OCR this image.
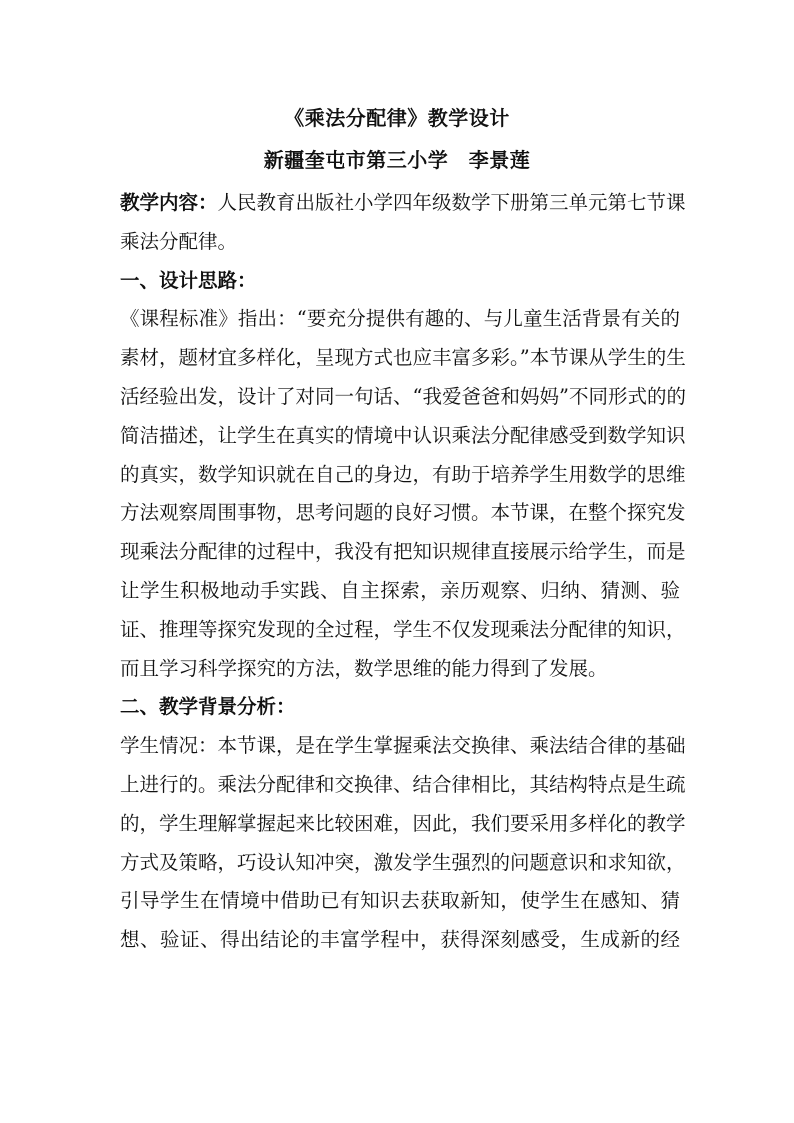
《乘法分配律》教学设计
新疆奎屯市第三小学　李景莲
教学内容：人民教育出版社小学四年级数学下册第三单元第七节课
乘法分配律。
一、设计思路：
《课程标准》指出：“要充分提供有趣的、与儿童生活背景有关的
素材，题材宜多样化，呈现方式也应丰富多彩。”本节课从学生的生
活经验出发，设计了对同一句话、“我爱爸爸和妈妈”不同形式的的
简洁描述，让学生在真实的情境中认识乘法分配律感受到数学知识
的真实，数学知识就在自己的身边，有助于培养学生用数学的思维
方法观察周围事物，思考问题的良好习惯。本节课，在整个探究发
现乘法分配律的过程中，我没有把知识规律直接展示给学生，而是
让学生积极地动手实践、自主探索，亲历观察、归纳、猜测、验
证、推理等探究发现的全过程，学生不仅发现乘法分配律的知识，
而且学习科学探究的方法，数学思维的能力得到了发展。
二、教学背景分析：
学生情况：本节课，是在学生掌握乘法交换律、乘法结合律的基础
上进行的。乘法分配律和交换律、结合律相比，其结构特点是生疏
的，学生理解掌握起来比较困难，因此，我们要采用多样化的教学
方式及策略，巧设认知冲突，激发学生强烈的问题意识和求知欲，
引导学生在情境中借助已有知识去获取新知，使学生在感知、猜
想、验证、得出结论的丰富学程中，获得深刻感受，生成新的经
